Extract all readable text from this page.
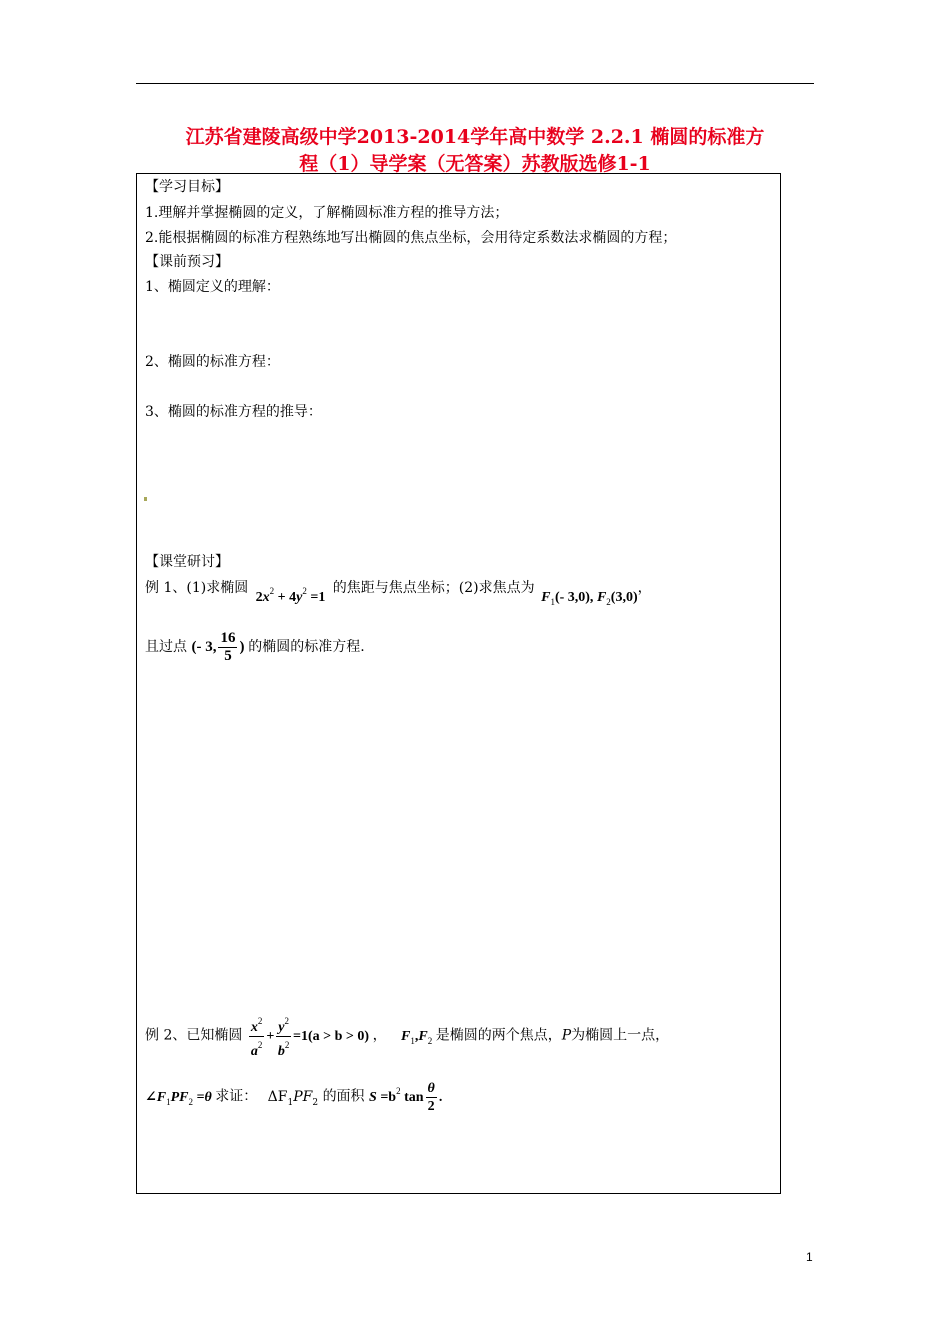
江苏省建陵高级中学2013-2014学年高中数学 2.2.1 椭圆的标准方
程（1）导学案（无答案）苏教版选修1-1
【学习目标】
1.理解并掌握椭圆的定义，了解椭圆标准方程的推导方法；
2.能根据椭圆的标准方程熟练地写出椭圆的焦点坐标，会用待定系数法求椭圆的方程；
【课前预习】
1、椭圆定义的理解：
2、椭圆的标准方程：
3、椭圆的标准方程的推导：
【课堂研讨】
例 1、(1)求椭圆 $2x^2 + 4y^2 =1$ 的焦距与焦点坐标；(2)求焦点为 $F_1(-$ 3,0), $F_2(3,0)$，
且过点 (- 3, $\frac{16}{5}$ ) 的椭圆的标准方程.
例 2、已知椭圆 $\frac{x^2}{a^2} + \frac{y^2}{b^2} =1(a > b > 0)$ ， $F_1,F_2$ 是椭圆的两个焦点，P为椭圆上一点，
$\angle F_1PF_2 =\theta$ 求证： $\Delta F_1PF_2$ 的面积 $S =b^2$ $\tan \frac{\theta}{2}$ .
1
